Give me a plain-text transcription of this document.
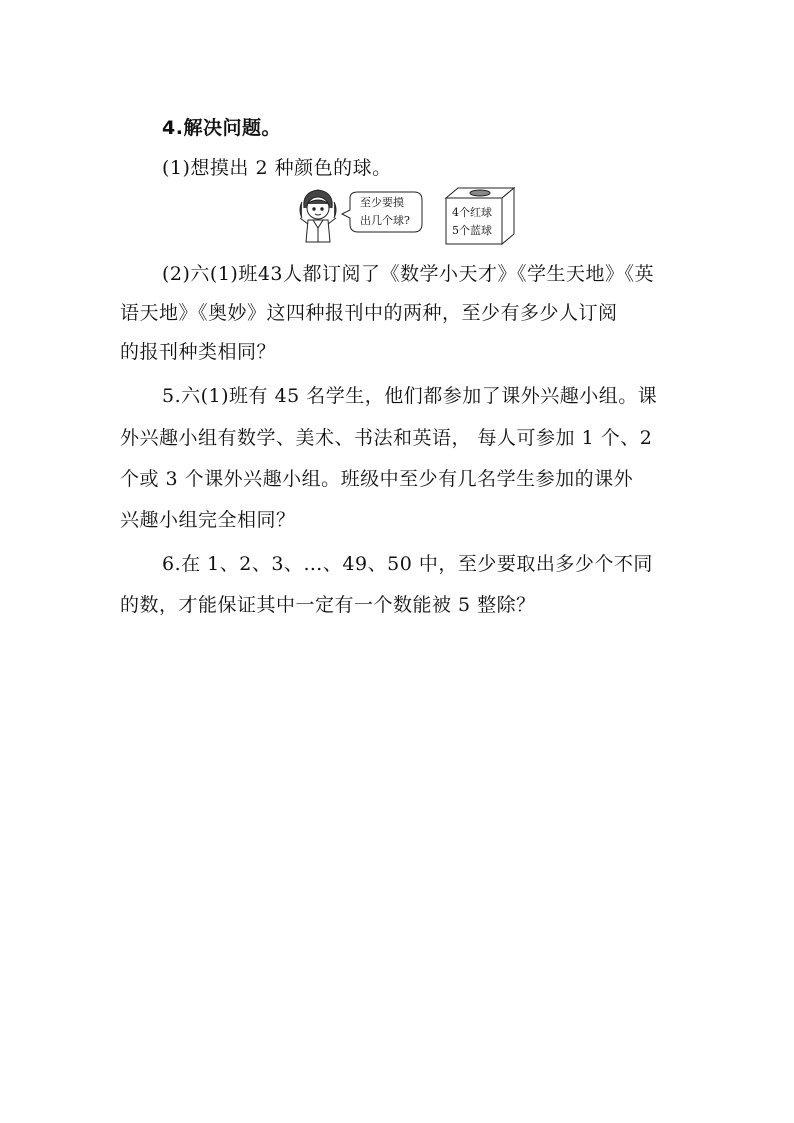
4.解决问题。
(1)想摸出 2 种颜色的球。
至少要摸
出几个球?
4个红球
5个蓝球
(2)六(1)班43人都订阅了《数学小天才》《学生天地》《英
语天地》《奥妙》这四种报刊中的两种，至少有多少人订阅
的报刊种类相同？
5.六(1)班有 45 名学生，他们都参加了课外兴趣小组。课
外兴趣小组有数学、美术、书法和英语， 每人可参加 1 个、2
个或 3 个课外兴趣小组。班级中至少有几名学生参加的课外
兴趣小组完全相同？
6.在 1、2、3、…、49、50 中，至少要取出多少个不同
的数，才能保证其中一定有一个数能被 5 整除？
